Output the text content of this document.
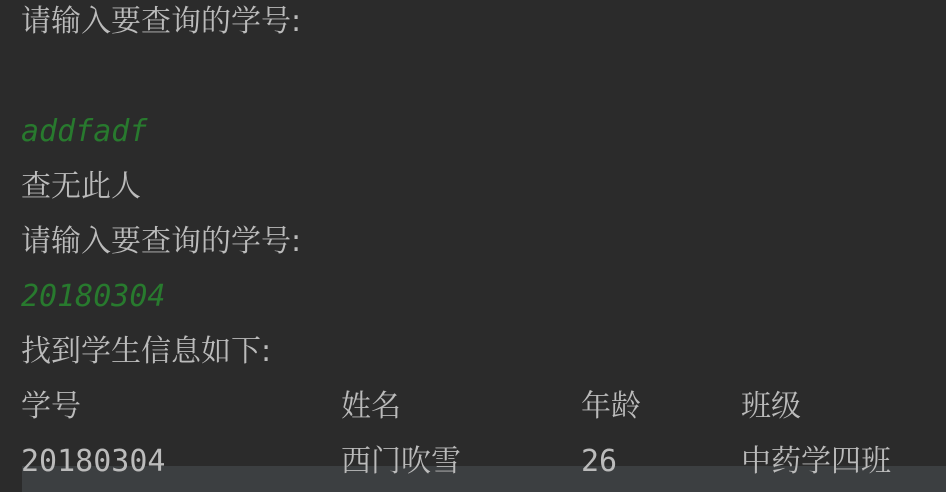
请输入要查询的学号:
addfadf
查无此人
请输入要查询的学号:
20180304
找到学生信息如下:
学号	姓名	年龄	班级
20180304	西门吹雪	26	中药学四班
